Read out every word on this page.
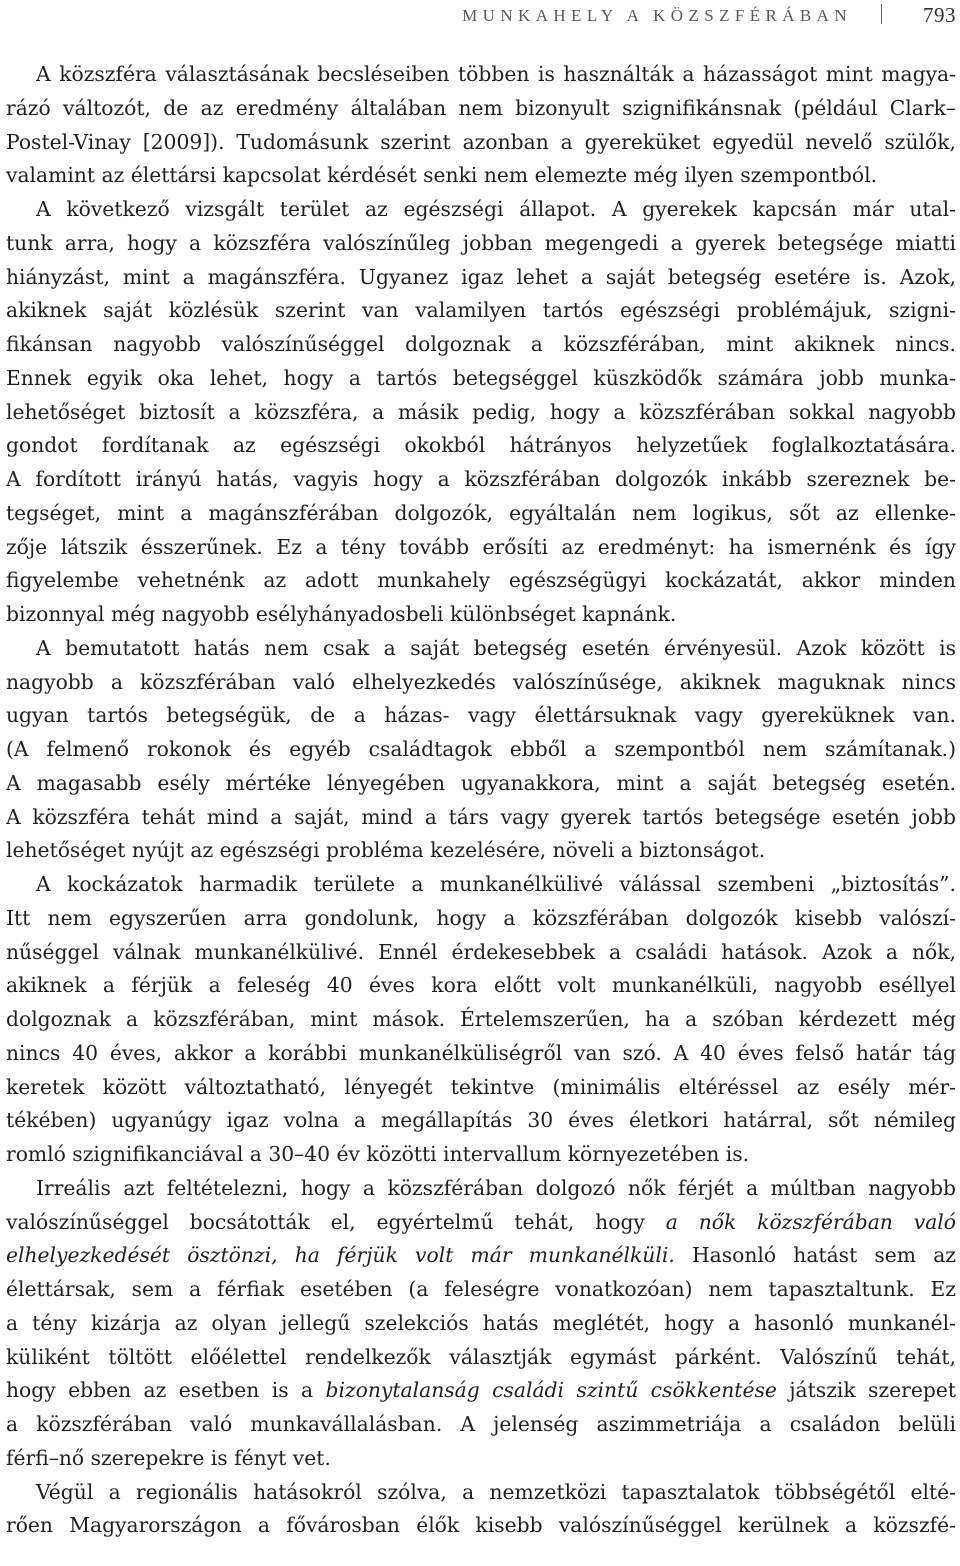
MUNKAHELY A KÖZSZFÉRÁBAN	793
A közszféra választásának becsléseiben többen is használták a házasságot mint magya-
rázó változót, de az eredmény általában nem bizonyult szignifikánsnak (például Clark–
Postel-Vinay [2009]). Tudomásunk szerint azonban a gyereküket egyedül nevelő szülők,
valamint az élettársi kapcsolat kérdését senki nem elemezte még ilyen szempontból.
A következő vizsgált terület az egészségi állapot. A gyerekek kapcsán már utal-
tunk arra, hogy a közszféra valószínűleg jobban megengedi a gyerek betegsége miatti
hiányzást, mint a magánszféra. Ugyanez igaz lehet a saját betegség esetére is. Azok,
akiknek saját közlésük szerint van valamilyen tartós egészségi problémájuk, szigni-
fikánsan nagyobb valószínűséggel dolgoznak a közszférában, mint akiknek nincs.
Ennek egyik oka lehet, hogy a tartós betegséggel küszködők számára jobb munka-
lehetőséget biztosít a közszféra, a másik pedig, hogy a közszférában sokkal nagyobb
gondot fordítanak az egészségi okokból hátrányos helyzetűek foglalkoztatására.
A fordított irányú hatás, vagyis hogy a közszférában dolgozók inkább szereznek be-
tegséget, mint a magánszférában dolgozók, egyáltalán nem logikus, sőt az ellenke-
zője látszik ésszerűnek. Ez a tény tovább erősíti az eredményt: ha ismernénk és így
figyelembe vehetnénk az adott munkahely egészségügyi kockázatát, akkor minden
bizonnyal még nagyobb esélyhányadosbeli különbséget kapnánk.
A bemutatott hatás nem csak a saját betegség esetén érvényesül. Azok között is
nagyobb a közszférában való elhelyezkedés valószínűsége, akiknek maguknak nincs
ugyan tartós betegségük, de a házas- vagy élettársuknak vagy gyereküknek van.
(A felmenő rokonok és egyéb családtagok ebből a szempontból nem számítanak.)
A magasabb esély mértéke lényegében ugyanakkora, mint a saját betegség esetén.
A közszféra tehát mind a saját, mind a társ vagy gyerek tartós betegsége esetén jobb
lehetőséget nyújt az egészségi probléma kezelésére, növeli a biztonságot.
A kockázatok harmadik területe a munkanélkülivé válással szembeni „biztosítás”.
Itt nem egyszerűen arra gondolunk, hogy a közszférában dolgozók kisebb valószí-
nűséggel válnak munkanélkülivé. Ennél érdekesebbek a családi hatások. Azok a nők,
akiknek a férjük a feleség 40 éves kora előtt volt munkanélküli, nagyobb eséllyel
dolgoznak a közszférában, mint mások. Értelemszerűen, ha a szóban kérdezett még
nincs 40 éves, akkor a korábbi munkanélküliségről van szó. A 40 éves felső határ tág
keretek között változtatható, lényegét tekintve (minimális eltéréssel az esély mér-
tékében) ugyanúgy igaz volna a megállapítás 30 éves életkori határral, sőt némileg
romló szignifikanciával a 30–40 év közötti intervallum környezetében is.
Irreális azt feltételezni, hogy a közszférában dolgozó nők férjét a múltban nagyobb
valószínűséggel bocsátották el, egyértelmű tehát, hogy a nők közszférában való
elhelyezkedését ösztönzi, ha férjük volt már munkanélküli. Hasonló hatást sem az
élettársak, sem a férfiak esetében (a feleségre vonatkozóan) nem tapasztaltunk. Ez
a tény kizárja az olyan jellegű szelekciós hatás meglétét, hogy a hasonló munkanél-
küliként töltött előélettel rendelkezők választják egymást párként. Valószínű tehát,
hogy ebben az esetben is a bizonytalanság családi szintű csökkentése játszik szerepet
a közszférában való munkavállalásban. A jelenség aszimmetriája a családon belüli
férfi–nő szerepekre is fényt vet.
Végül a regionális hatásokról szólva, a nemzetközi tapasztalatok többségétől elté-
rően Magyarországon a fővárosban élők kisebb valószínűséggel kerülnek a közszfé-
